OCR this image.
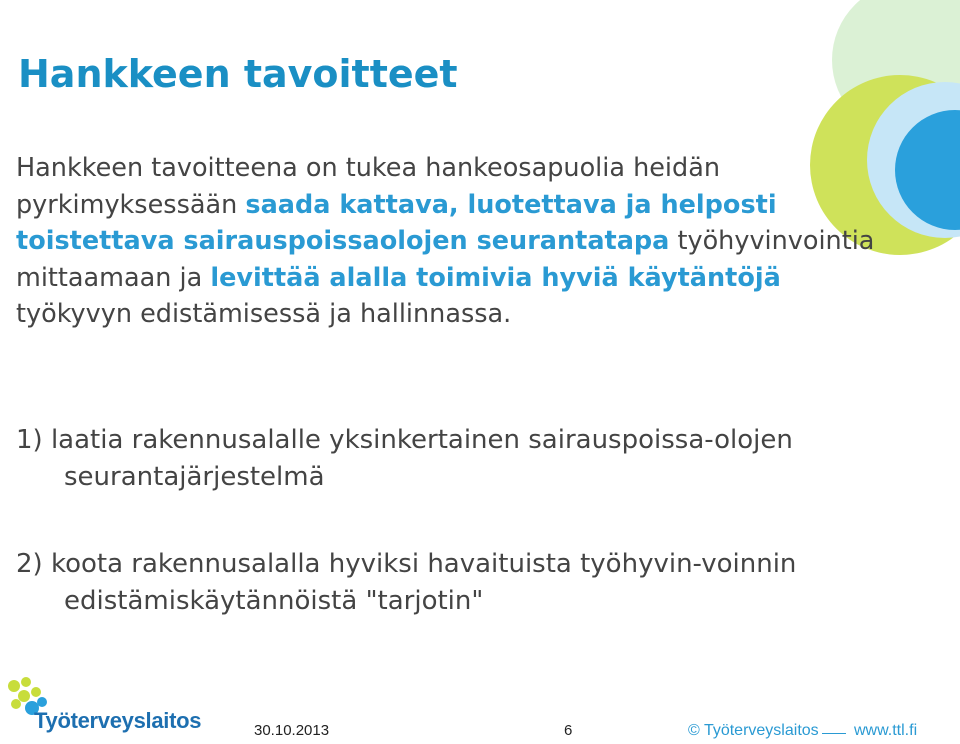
Hankkeen tavoitteet

Hankkeen tavoitteena on tukea hankeosapuolia heidän pyrkimyksessään saada kattava, luotettava ja helposti toistettava sairauspoissaolojen seurantatapa työhyvinvointia mittaamaan ja levittää alalla toimivia hyviä käytäntöjä työkyvyn edistämisessä ja hallinnassa.

1) laatia rakennusalalle yksinkertainen sairauspoissa-olojen seurantajärjestelmä

2) koota rakennusalalla hyviksi havaituista työhyvin-voinnin edistämiskäytännöistä "tarjotin"

Työterveyslaitos	30.10.2013	6	© Työterveyslaitos www.ttl.fi
